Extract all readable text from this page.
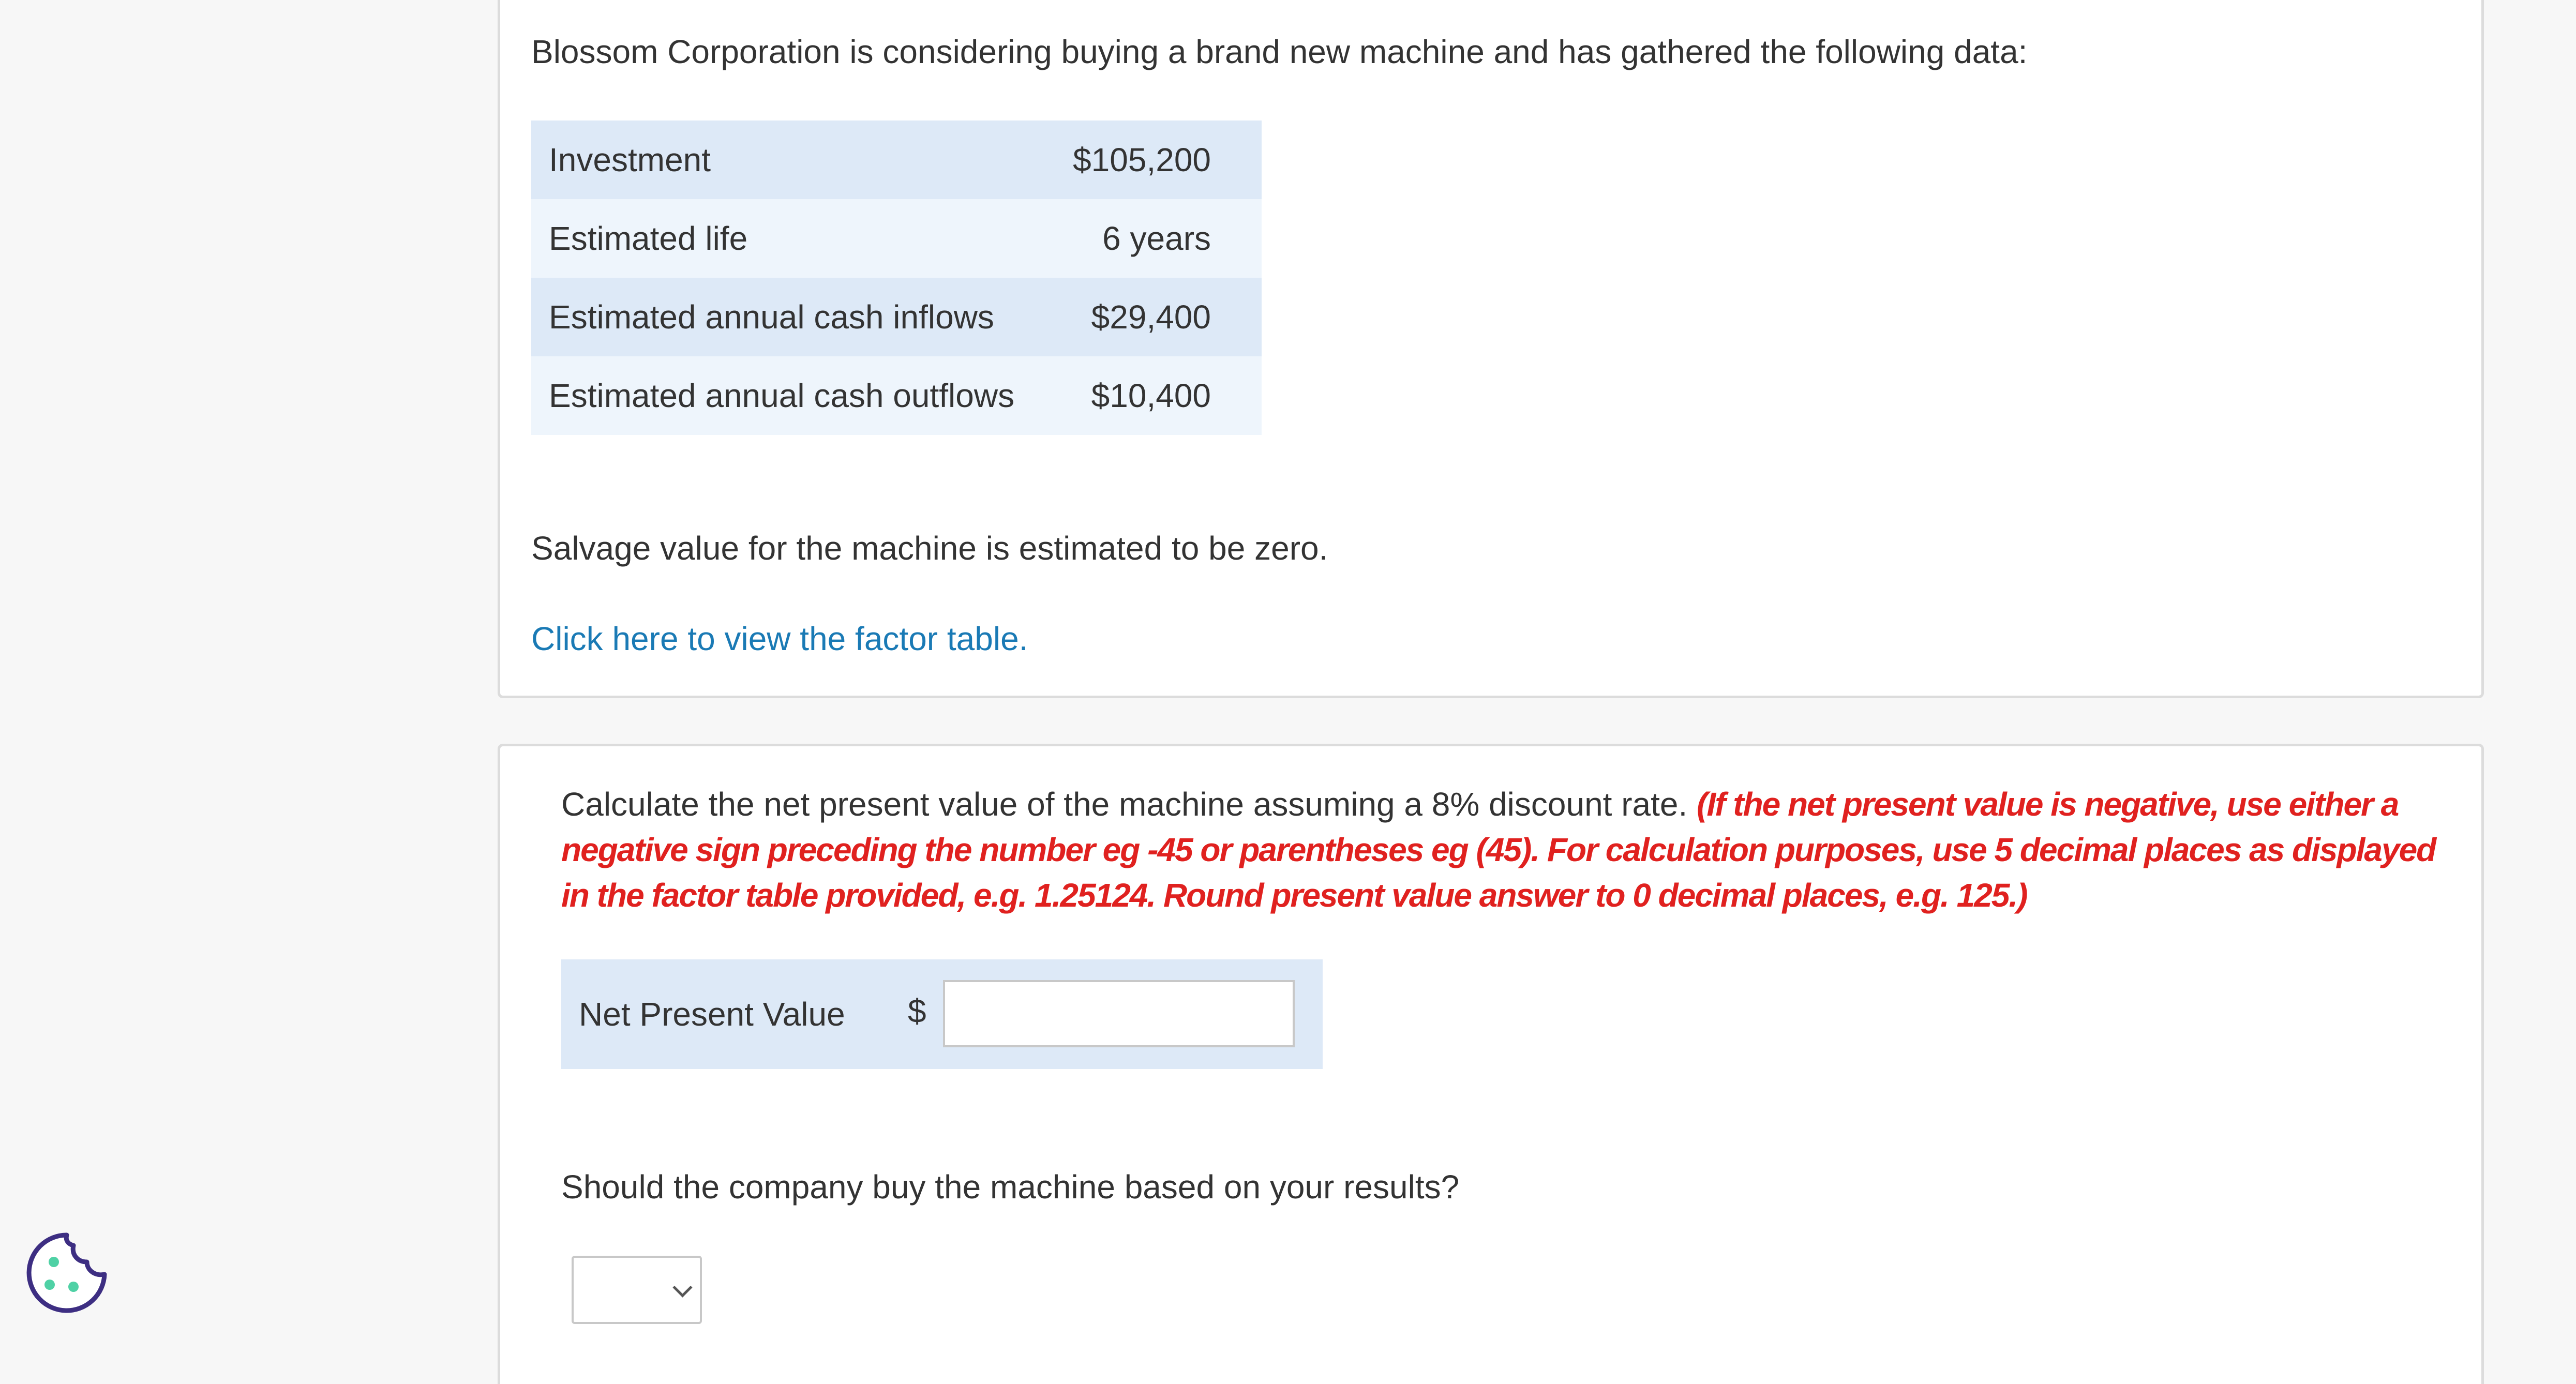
Blossom Corporation is considering buying a brand new machine and has gathered the following data:
Investment	$105,200
Estimated life	6 years
Estimated annual cash inflows	$29,400
Estimated annual cash outflows	$10,400
Salvage value for the machine is estimated to be zero.
Click here to view the factor table.
Calculate the net present value of the machine assuming a 8% discount rate. (If the net present value is negative, use either a negative sign preceding the number eg -45 or parentheses eg (45). For calculation purposes, use 5 decimal places as displayed in the factor table provided, e.g. 1.25124. Round present value answer to 0 decimal places, e.g. 125.)
Net Present Value $
Should the company buy the machine based on your results?
